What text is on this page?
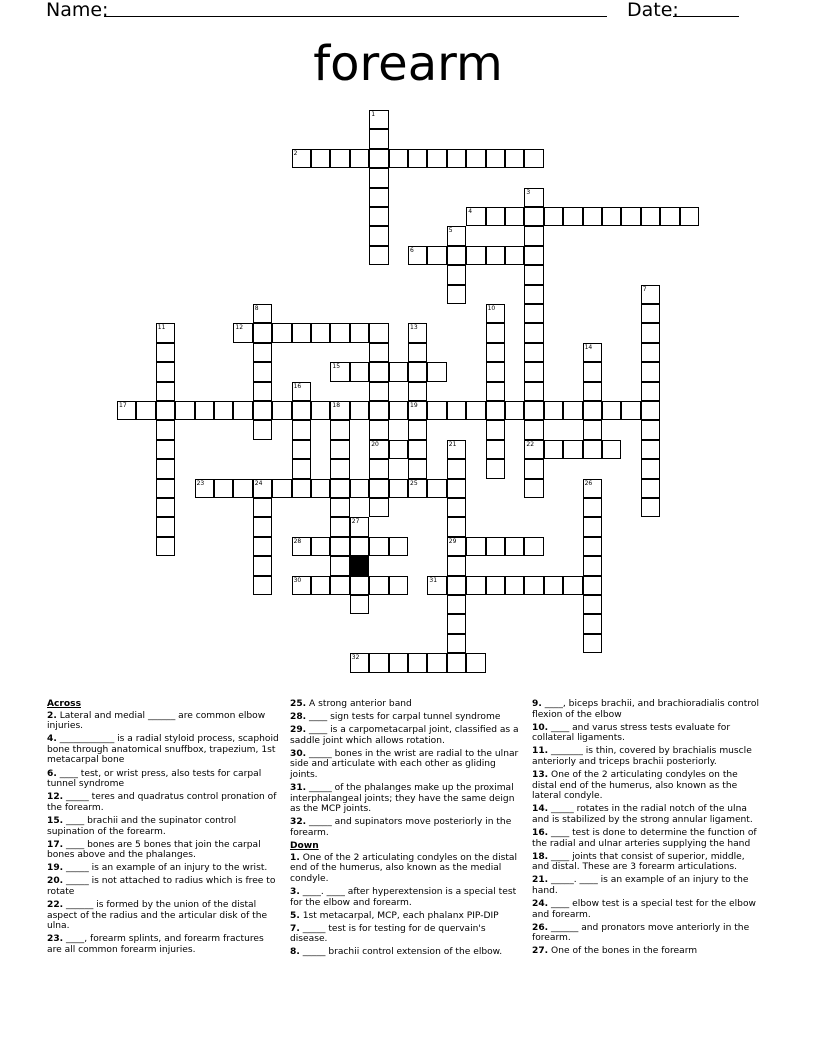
Name:	Date:
forearm
1
2
3
22
4
5
6
7
8
20
10
11	12	13
19
14
15
16
17	18
21
29
23	24	25	26
27
28
30	31
32
Across
2. Lateral and medial ______ are common elbow injuries.
4. ____________ is a radial styloid process, scaphoid bone through anatomical snuffbox, trapezium, 1st metacarpal bone
6. ____ test, or wrist press, also tests for carpal tunnel syndrome
12. _____ teres and quadratus control pronation of the forearm.
15. ____ brachii and the supinator control supination of the forearm.
17. ____ bones are 5 bones that join the carpal bones above and the phalanges.
19. _____ is an example of an injury to the wrist.
20. _____ is not attached to radius which is free to rotate
22. ______ is formed by the union of the distal aspect of the radius and the articular disk of the ulna.
23. ____, forearm splints, and forearm fractures are all common forearm injuries.
25. A strong anterior band
28. ____ sign tests for carpal tunnel syndrome
29. ____ is a carpometacarpal joint, classified as a saddle joint which allows rotation.
30. _____ bones in the wrist are radial to the ulnar side and articulate with each other as gliding joints.
31. _____ of the phalanges make up the proximal interphalangeal joints; they have the same deign as the MCP joints.
32. _____ and supinators move posteriorly in the forearm.
Down
1. One of the 2 articulating condyles on the distal end of the humerus, also known as the medial condyle.
3. ____. ____ after hyperextension is a special test for the elbow and forearm.
5. 1st metacarpal, MCP, each phalanx PIP-DIP
7. _____ test is for testing for de quervain's disease.
8. _____ brachii control extension of the elbow.
9. ____, biceps brachii, and brachioradialis control flexion of the elbow
10. ____ and varus stress tests evaluate for collateral ligaments.
11. _______ is thin, covered by brachialis muscle anteriorly and triceps brachii posteriorly.
13. One of the 2 articulating condyles on the distal end of the humerus, also known as the lateral condyle.
14. _____ rotates in the radial notch of the ulna and is stabilized by the strong annular ligament.
16. ____ test is done to determine the function of the radial and ulnar arteries supplying the hand
18. ____ joints that consist of superior, middle, and distal. These are 3 forearm articulations.
21. _____. ____ is an example of an injury to the hand.
24. ____ elbow test is a special test for the elbow and forearm.
26. ______ and pronators move anteriorly in the forearm.
27. One of the bones in the forearm
